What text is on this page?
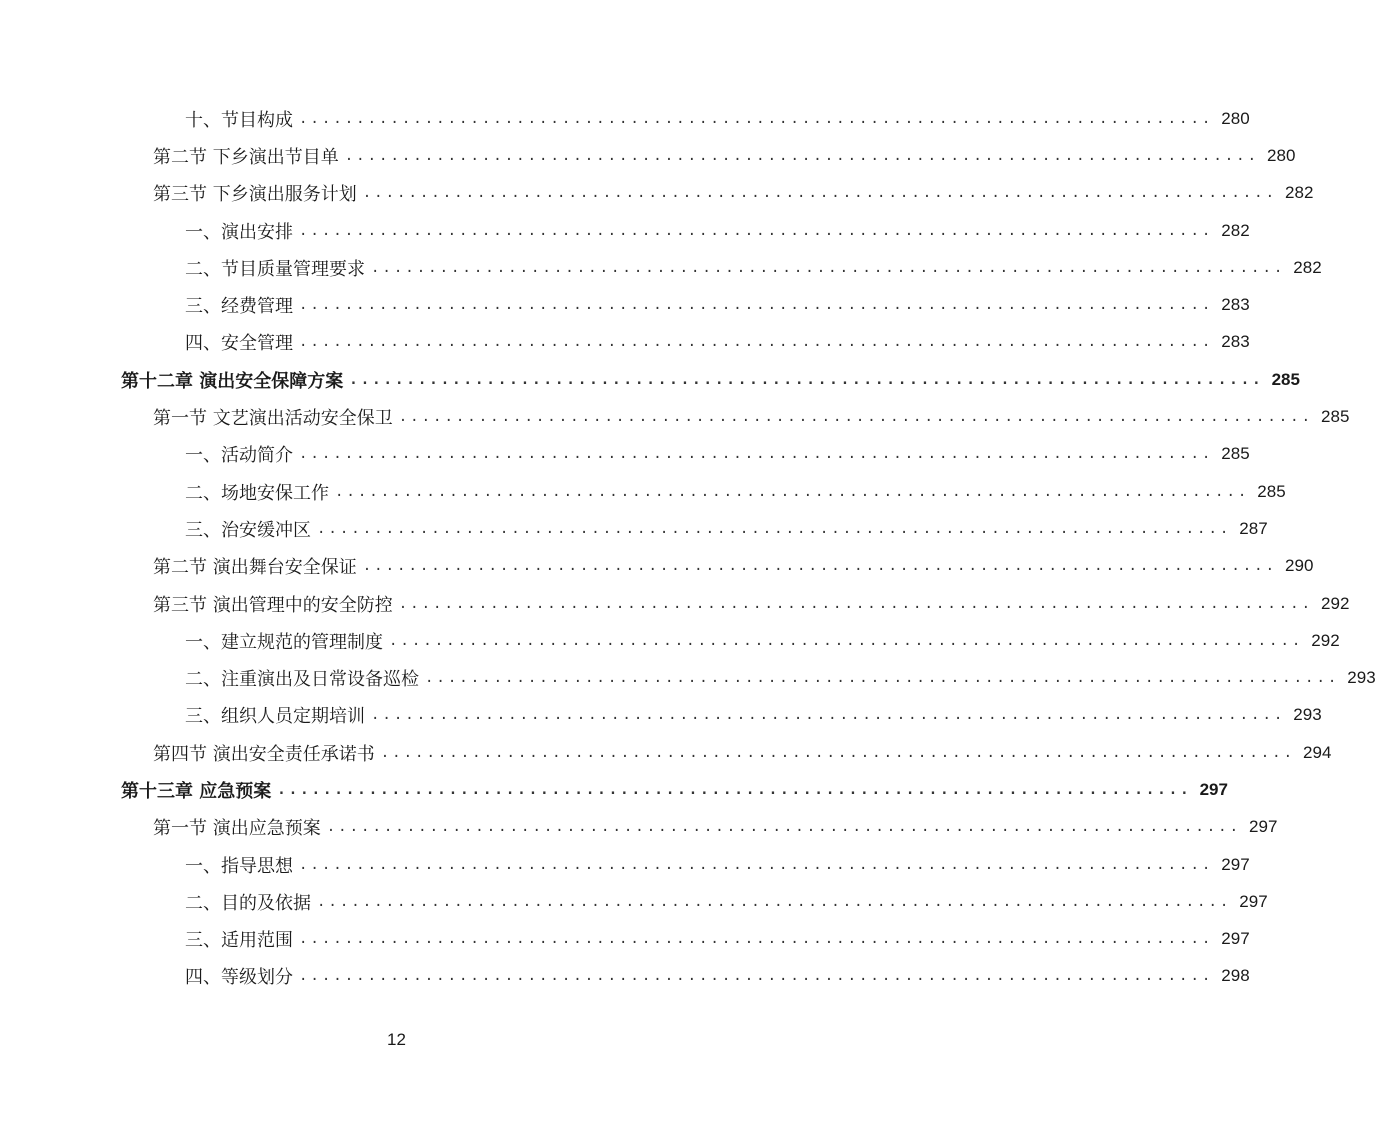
十、节目构成 ................................................................................ 280
第二节 下乡演出节目单 ................................................................................ 280
第三节 下乡演出服务计划 ................................................................................ 282
一、演出安排 ................................................................................ 282
二、节目质量管理要求 ................................................................................ 282
三、经费管理 ................................................................................ 283
四、安全管理 ................................................................................ 283
第十二章 演出安全保障方案 ................................................................................ 285
第一节 文艺演出活动安全保卫 ................................................................................ 285
一、活动简介 ................................................................................ 285
二、场地安保工作 ................................................................................ 285
三、治安缓冲区 ................................................................................ 287
第二节 演出舞台安全保证 ................................................................................ 290
第三节 演出管理中的安全防控 ................................................................................ 292
一、建立规范的管理制度 ................................................................................ 292
二、注重演出及日常设备巡检 ................................................................................ 293
三、组织人员定期培训 ................................................................................ 293
第四节 演出安全责任承诺书 ................................................................................ 294
第十三章 应急预案 ................................................................................ 297
第一节 演出应急预案 ................................................................................ 297
一、指导思想 ................................................................................ 297
二、目的及依据 ................................................................................ 297
三、适用范围 ................................................................................ 297
四、等级划分 ................................................................................ 298
12
